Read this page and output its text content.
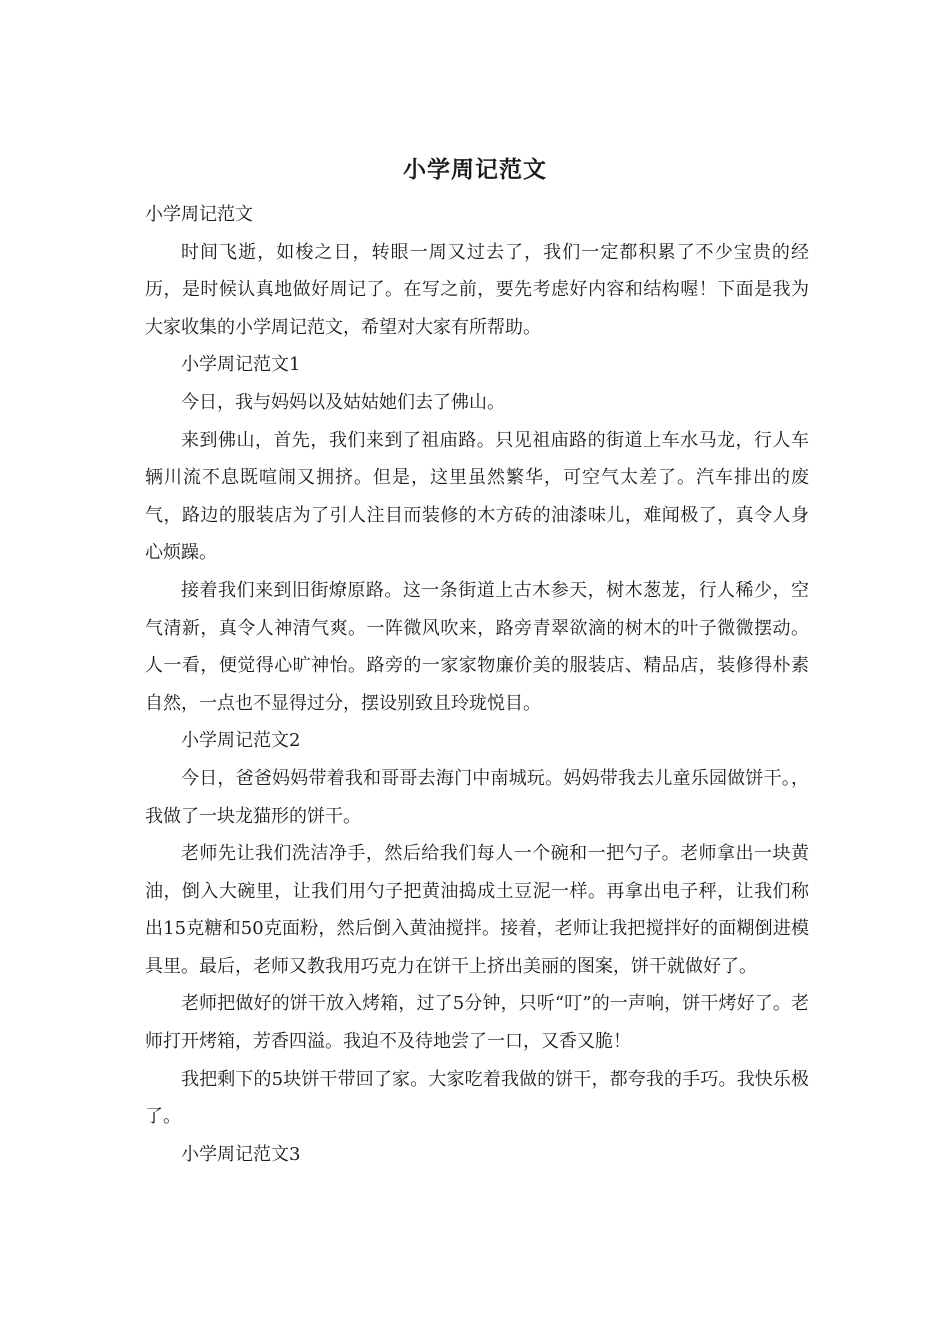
小学周记范文

小学周记范文

时间飞逝，如梭之日，转眼一周又过去了，我们一定都积累了不少宝贵的经历，是时候认真地做好周记了。在写之前，要先考虑好内容和结构喔！下面是我为大家收集的小学周记范文，希望对大家有所帮助。

小学周记范文1

今日，我与妈妈以及姑姑她们去了佛山。

来到佛山，首先，我们来到了祖庙路。只见祖庙路的街道上车水马龙，行人车辆川流不息既喧闹又拥挤。但是，这里虽然繁华，可空气太差了。汽车排出的废气，路边的服装店为了引人注目而装修的木方砖的油漆味儿，难闻极了，真令人身心烦躁。

接着我们来到旧街燎原路。这一条街道上古木参天，树木葱茏，行人稀少，空气清新，真令人神清气爽。一阵微风吹来，路旁青翠欲滴的树木的叶子微微摆动。人一看，便觉得心旷神怡。路旁的一家家物廉价美的服装店、精品店，装修得朴素自然，一点也不显得过分，摆设别致且玲珑悦目。

小学周记范文2

今日，爸爸妈妈带着我和哥哥去海门中南城玩。妈妈带我去儿童乐园做饼干。，我做了一块龙猫形的饼干。

老师先让我们洗洁净手，然后给我们每人一个碗和一把勺子。老师拿出一块黄油，倒入大碗里，让我们用勺子把黄油捣成土豆泥一样。再拿出电子秤，让我们称出15克糖和50克面粉，然后倒入黄油搅拌。接着，老师让我把搅拌好的面糊倒进模具里。最后，老师又教我用巧克力在饼干上挤出美丽的图案，饼干就做好了。

老师把做好的饼干放入烤箱，过了5分钟，只听“叮”的一声响，饼干烤好了。老师打开烤箱，芳香四溢。我迫不及待地尝了一口，又香又脆！

我把剩下的5块饼干带回了家。大家吃着我做的饼干，都夸我的手巧。我快乐极了。

小学周记范文3
